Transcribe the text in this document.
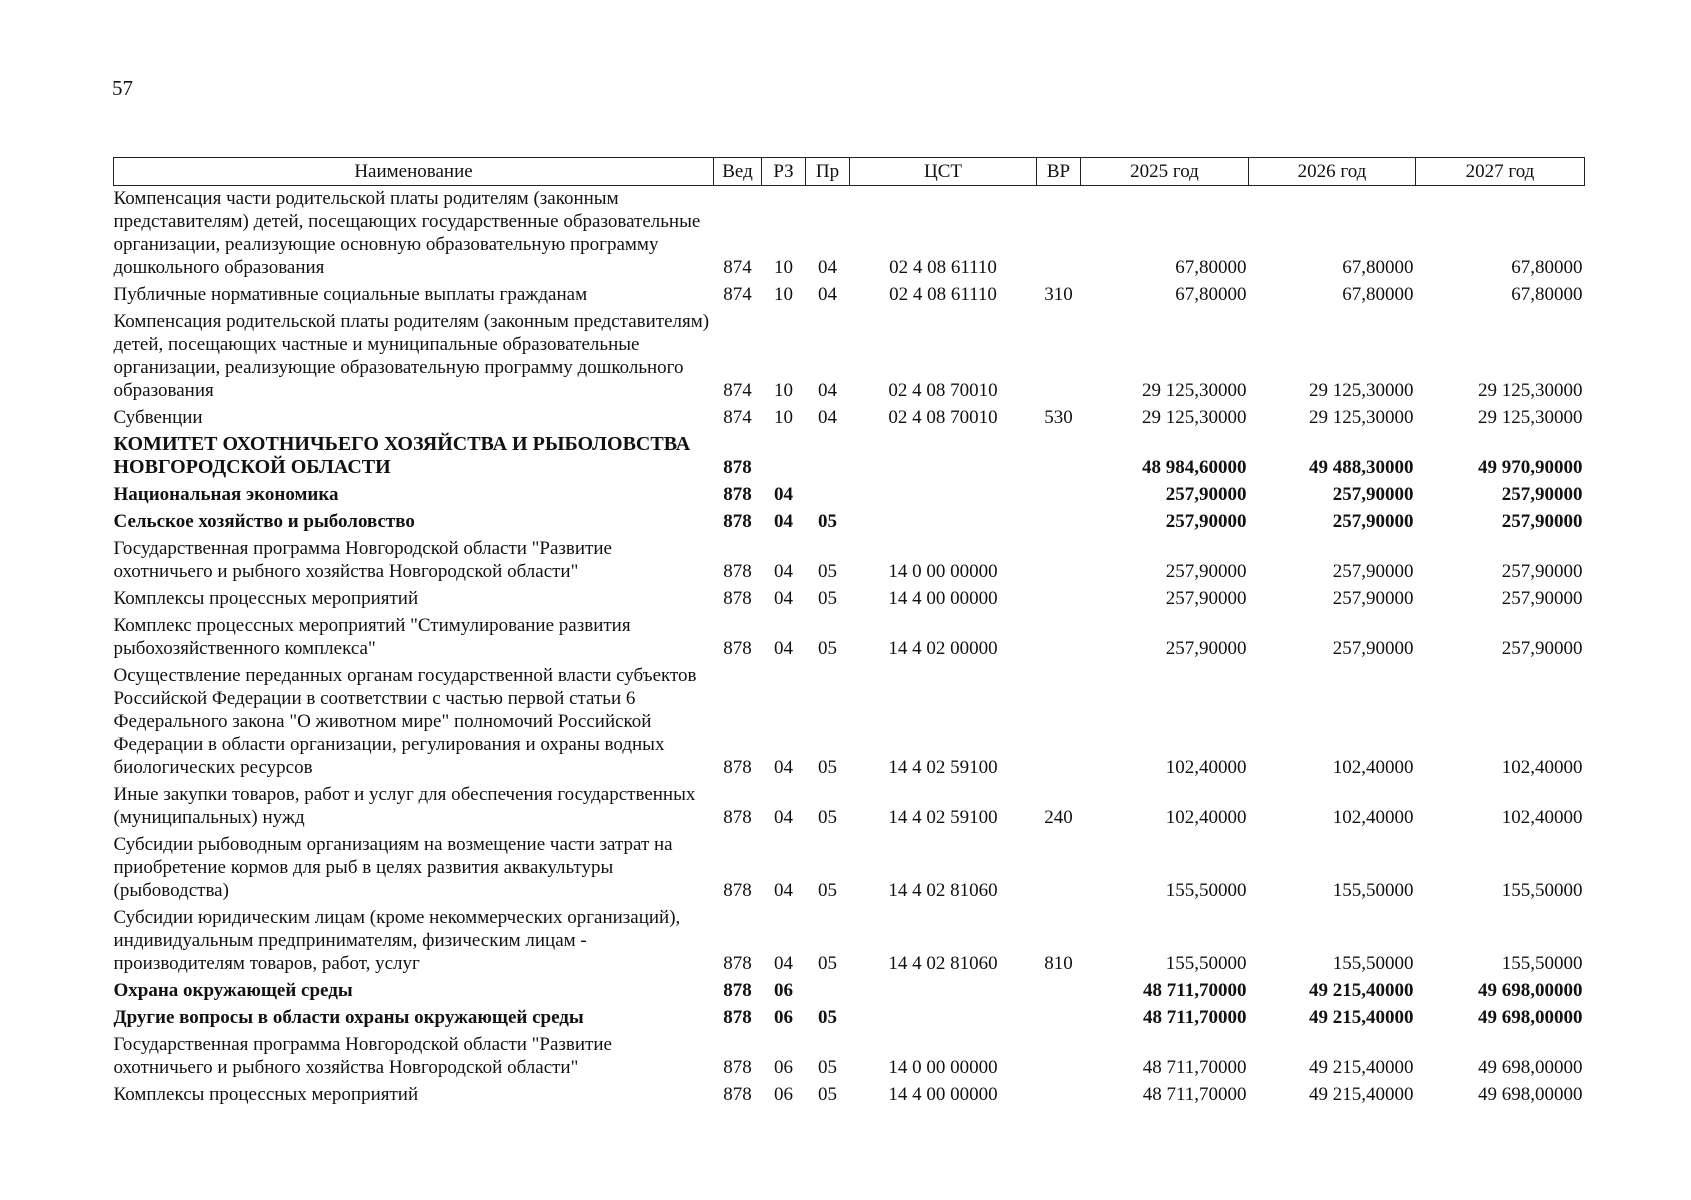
57
Наименование	Вед	РЗ	Пр	ЦСТ	ВР	2025 год	2026 год	2027 год
Компенсация части родительской платы родителям (законным представителям) детей, посещающих государственные образовательные организации, реализующие основную образовательную программу дошкольного образования	874	10	04	02 4 08 61110		67,80000	67,80000	67,80000
Публичные нормативные социальные выплаты гражданам	874	10	04	02 4 08 61110	310	67,80000	67,80000	67,80000
Компенсация родительской платы родителям (законным представителям) детей, посещающих частные и муниципальные образовательные организации, реализующие образовательную программу дошкольного образования	874	10	04	02 4 08 70010		29 125,30000	29 125,30000	29 125,30000
Субвенции	874	10	04	02 4 08 70010	530	29 125,30000	29 125,30000	29 125,30000
КОМИТЕТ ОХОТНИЧЬЕГО ХОЗЯЙСТВА И РЫБОЛОВСТВА НОВГОРОДСКОЙ ОБЛАСТИ	878					48 984,60000	49 488,30000	49 970,90000
Национальная экономика	878	04				257,90000	257,90000	257,90000
Сельское хозяйство и рыболовство	878	04	05			257,90000	257,90000	257,90000
Государственная программа Новгородской области "Развитие охотничьего и рыбного хозяйства Новгородской области"	878	04	05	14 0 00 00000		257,90000	257,90000	257,90000
Комплексы процессных мероприятий	878	04	05	14 4 00 00000		257,90000	257,90000	257,90000
Комплекс процессных мероприятий "Стимулирование развития рыбохозяйственного комплекса"	878	04	05	14 4 02 00000		257,90000	257,90000	257,90000
Осуществление переданных органам государственной власти субъектов Российской Федерации в соответствии с частью первой статьи 6 Федерального закона "О животном мире" полномочий Российской Федерации в области организации, регулирования и охраны водных биологических ресурсов	878	04	05	14 4 02 59100		102,40000	102,40000	102,40000
Иные закупки товаров, работ и услуг для обеспечения государственных (муниципальных) нужд	878	04	05	14 4 02 59100	240	102,40000	102,40000	102,40000
Субсидии рыбоводным организациям на возмещение части затрат на приобретение кормов для рыб в целях развития аквакультуры (рыбоводства)	878	04	05	14 4 02 81060		155,50000	155,50000	155,50000
Субсидии юридическим лицам (кроме некоммерческих организаций), индивидуальным предпринимателям, физическим лицам - производителям товаров, работ, услуг	878	04	05	14 4 02 81060	810	155,50000	155,50000	155,50000
Охрана окружающей среды	878	06				48 711,70000	49 215,40000	49 698,00000
Другие вопросы в области охраны окружающей среды	878	06	05			48 711,70000	49 215,40000	49 698,00000
Государственная программа Новгородской области "Развитие охотничьего и рыбного хозяйства Новгородской области"	878	06	05	14 0 00 00000		48 711,70000	49 215,40000	49 698,00000
Комплексы процессных мероприятий	878	06	05	14 4 00 00000		48 711,70000	49 215,40000	49 698,00000
